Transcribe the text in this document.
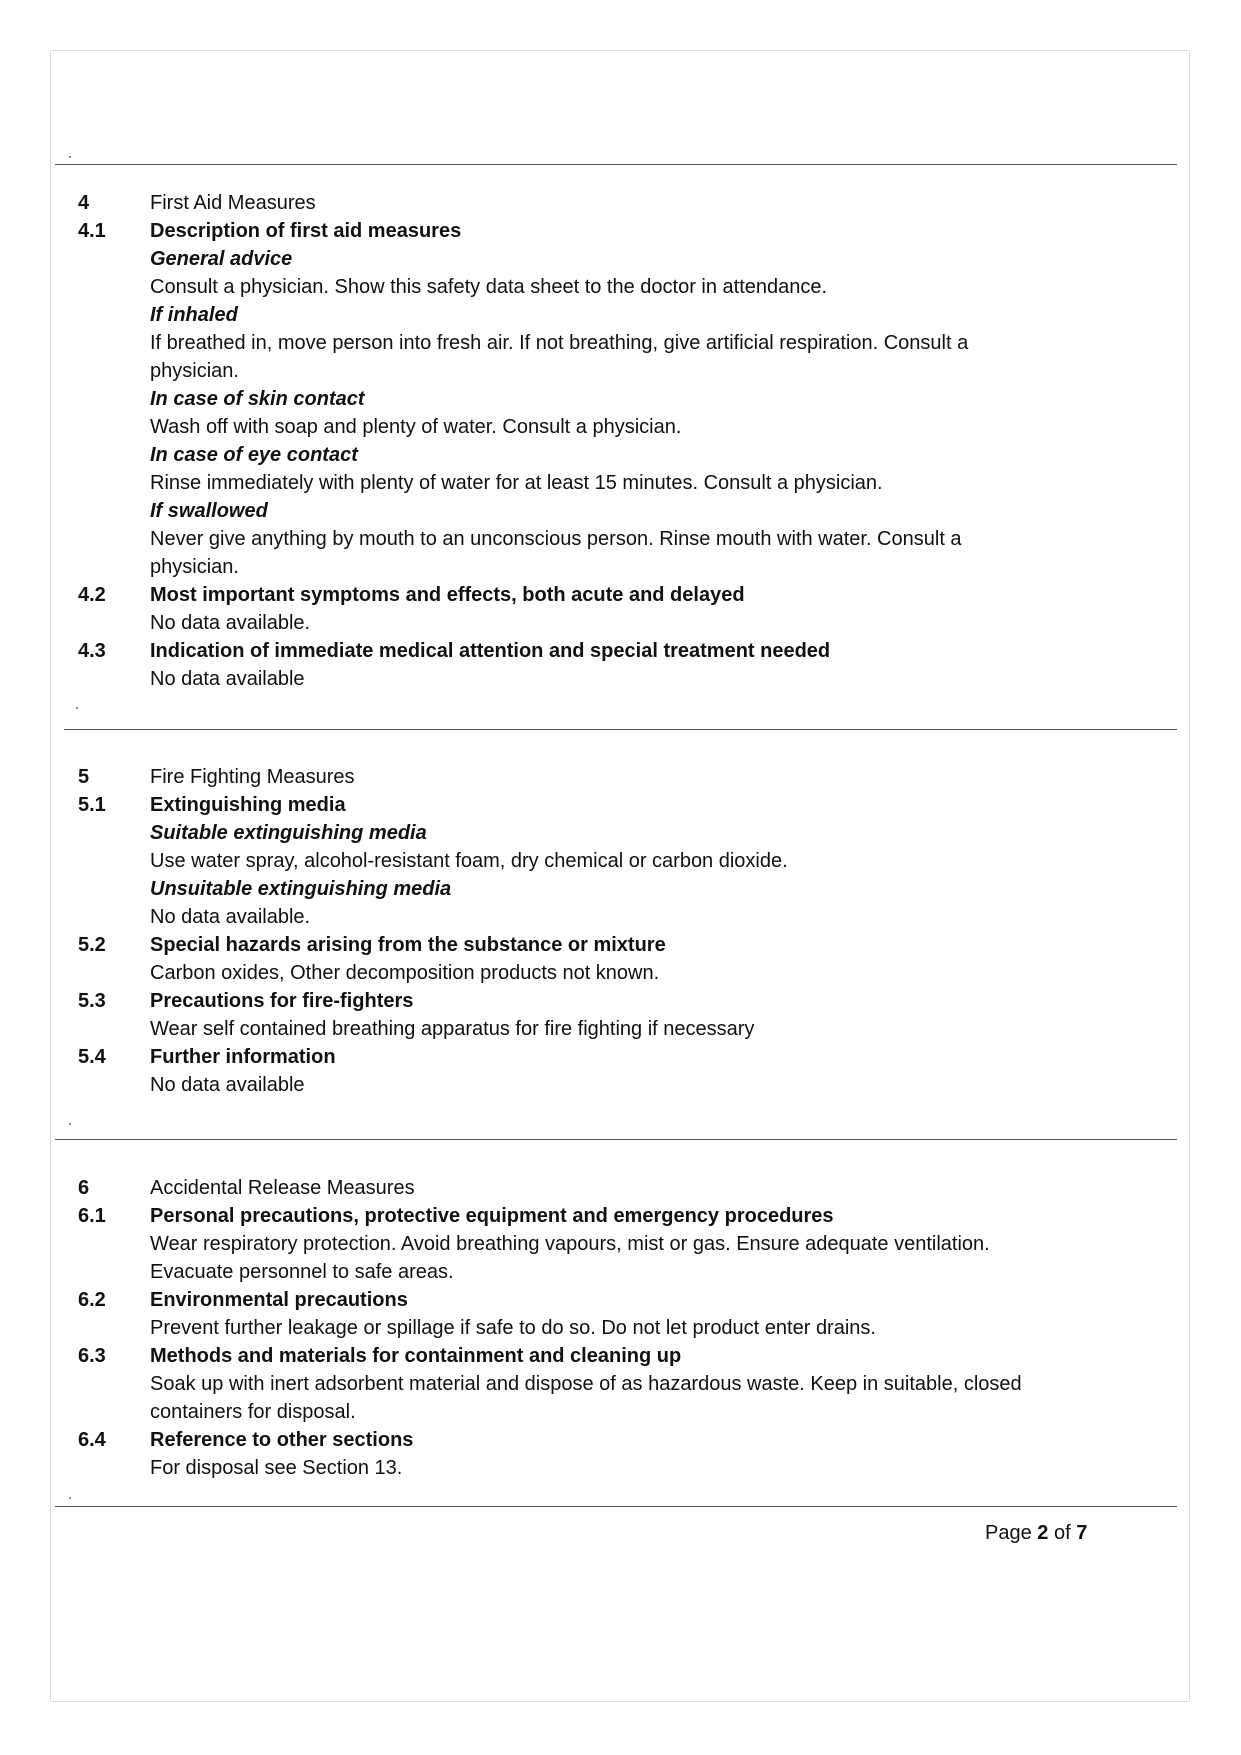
4	First Aid Measures
4.1 Description of first aid measures
General advice
Consult a physician. Show this safety data sheet to the doctor in attendance.
If inhaled
If breathed in, move person into fresh air. If not breathing, give artificial respiration. Consult a
physician.
In case of skin contact
Wash off with soap and plenty of water. Consult a physician.
In case of eye contact
Rinse immediately with plenty of water for at least 15 minutes. Consult a physician.
If swallowed
Never give anything by mouth to an unconscious person. Rinse mouth with water. Consult a
physician.
4.2 Most important symptoms and effects, both acute and delayed
No data available.
4.3 Indication of immediate medical attention and special treatment needed
No data available
5	Fire Fighting Measures
5.1 Extinguishing media
Suitable extinguishing media
Use water spray, alcohol-resistant foam, dry chemical or carbon dioxide.
Unsuitable extinguishing media
No data available.
5.2 Special hazards arising from the substance or mixture
Carbon oxides, Other decomposition products not known.
5.3 Precautions for fire-fighters
Wear self contained breathing apparatus for fire fighting if necessary
5.4 Further information
No data available
6	Accidental Release Measures
6.1 Personal precautions, protective equipment and emergency procedures
Wear respiratory protection. Avoid breathing vapours, mist or gas. Ensure adequate ventilation.
Evacuate personnel to safe areas.
6.2 Environmental precautions
Prevent further leakage or spillage if safe to do so. Do not let product enter drains.
6.3 Methods and materials for containment and cleaning up
Soak up with inert adsorbent material and dispose of as hazardous waste. Keep in suitable, closed
containers for disposal.
6.4 Reference to other sections
For disposal see Section 13.
Page 2 of 7
